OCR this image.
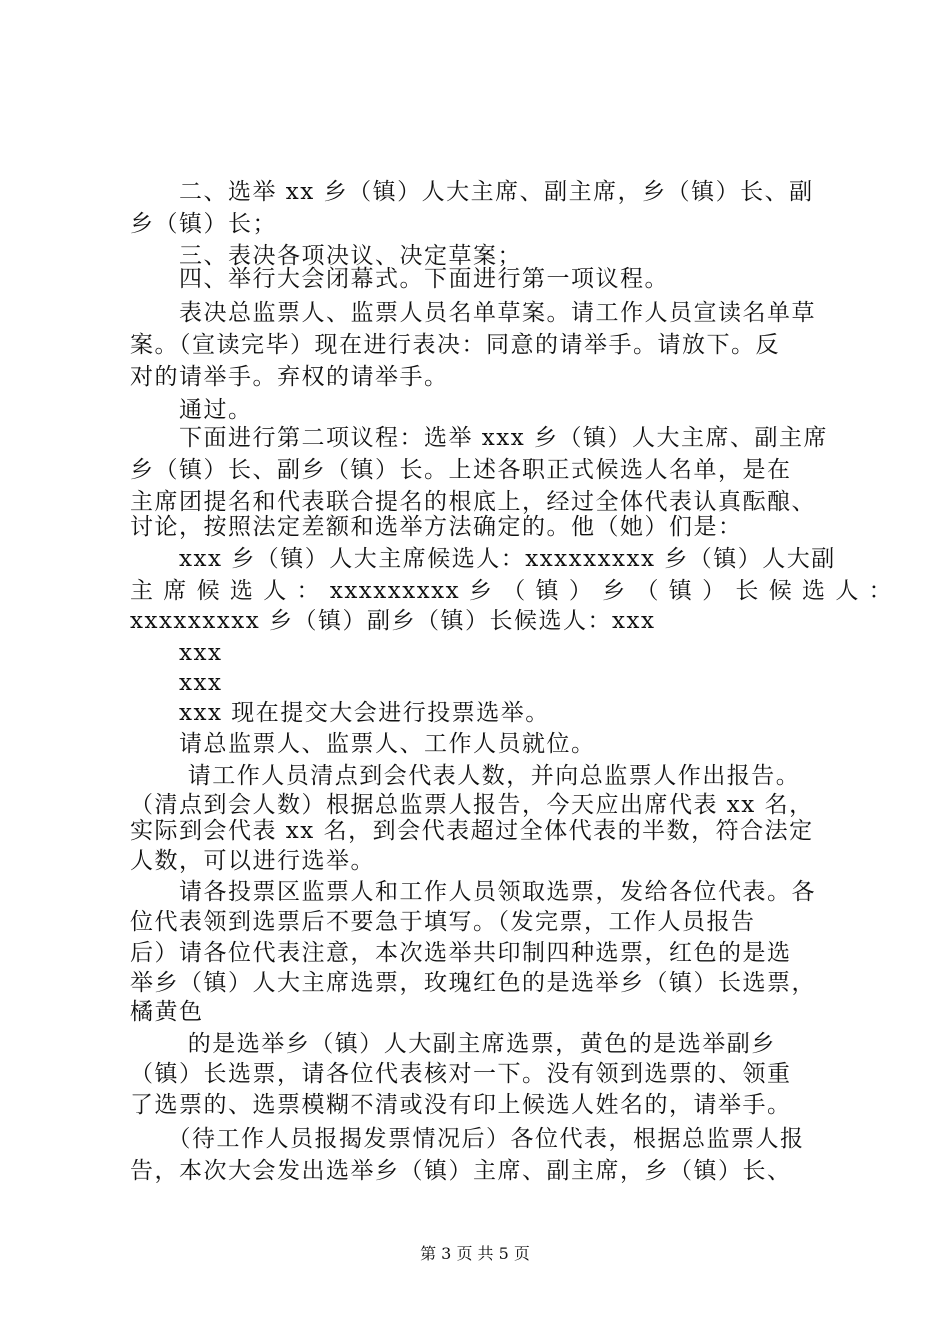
　　二、选举 xx 乡（镇）人大主席、副主席，乡（镇）长、副
乡（镇）长；
　　三、表决各项决议、决定草案；
　　四、举行大会闭幕式。下面进行第一项议程。
　　表决总监票人、监票人员名单草案。请工作人员宣读名单草
案。（宣读完毕）现在进行表决：同意的请举手。请放下。反
对的请举手。弃权的请举手。
　　通过。
　　下面进行第二项议程：选举 xxx 乡（镇）人大主席、副主席
乡（镇）长、副乡（镇）长。上述各职正式候选人名单，是在
主席团提名和代表联合提名的根底上，经过全体代表认真酝酿、
讨论，按照法定差额和选举方法确定的。他（她）们是：
　　xxx 乡（镇）人大主席候选人：xxxxxxxxx 乡（镇）人大副
主 席 候 选 人 ： xxxxxxxxx 乡 （ 镇 ） 乡 （ 镇 ） 长 候 选 人 ：
xxxxxxxxx 乡（镇）副乡（镇）长候选人：xxx
　　xxx
　　xxx
　　xxx 现在提交大会进行投票选举。
　　请总监票人、监票人、工作人员就位。
　　 请工作人员清点到会代表人数，并向总监票人作出报告。
（清点到会人数）根据总监票人报告，今天应出席代表 xx 名，
实际到会代表 xx 名，到会代表超过全体代表的半数，符合法定
人数，可以进行选举。
　　请各投票区监票人和工作人员领取选票，发给各位代表。各
位代表领到选票后不要急于填写。（发完票，工作人员报告
后）请各位代表注意，本次选举共印制四种选票，红色的是选
举乡（镇）人大主席选票，玫瑰红色的是选举乡（镇）长选票，
橘黄色
　　 的是选举乡（镇）人大副主席选票，黄色的是选举副乡
（镇）长选票，请各位代表核对一下。没有领到选票的、领重
了选票的、选票模糊不清或没有印上候选人姓名的，请举手。
　　（待工作人员报揭发票情况后）各位代表，根据总监票人报
告，本次大会发出选举乡（镇）主席、副主席，乡（镇）长、
第 3 页 共 5 页
